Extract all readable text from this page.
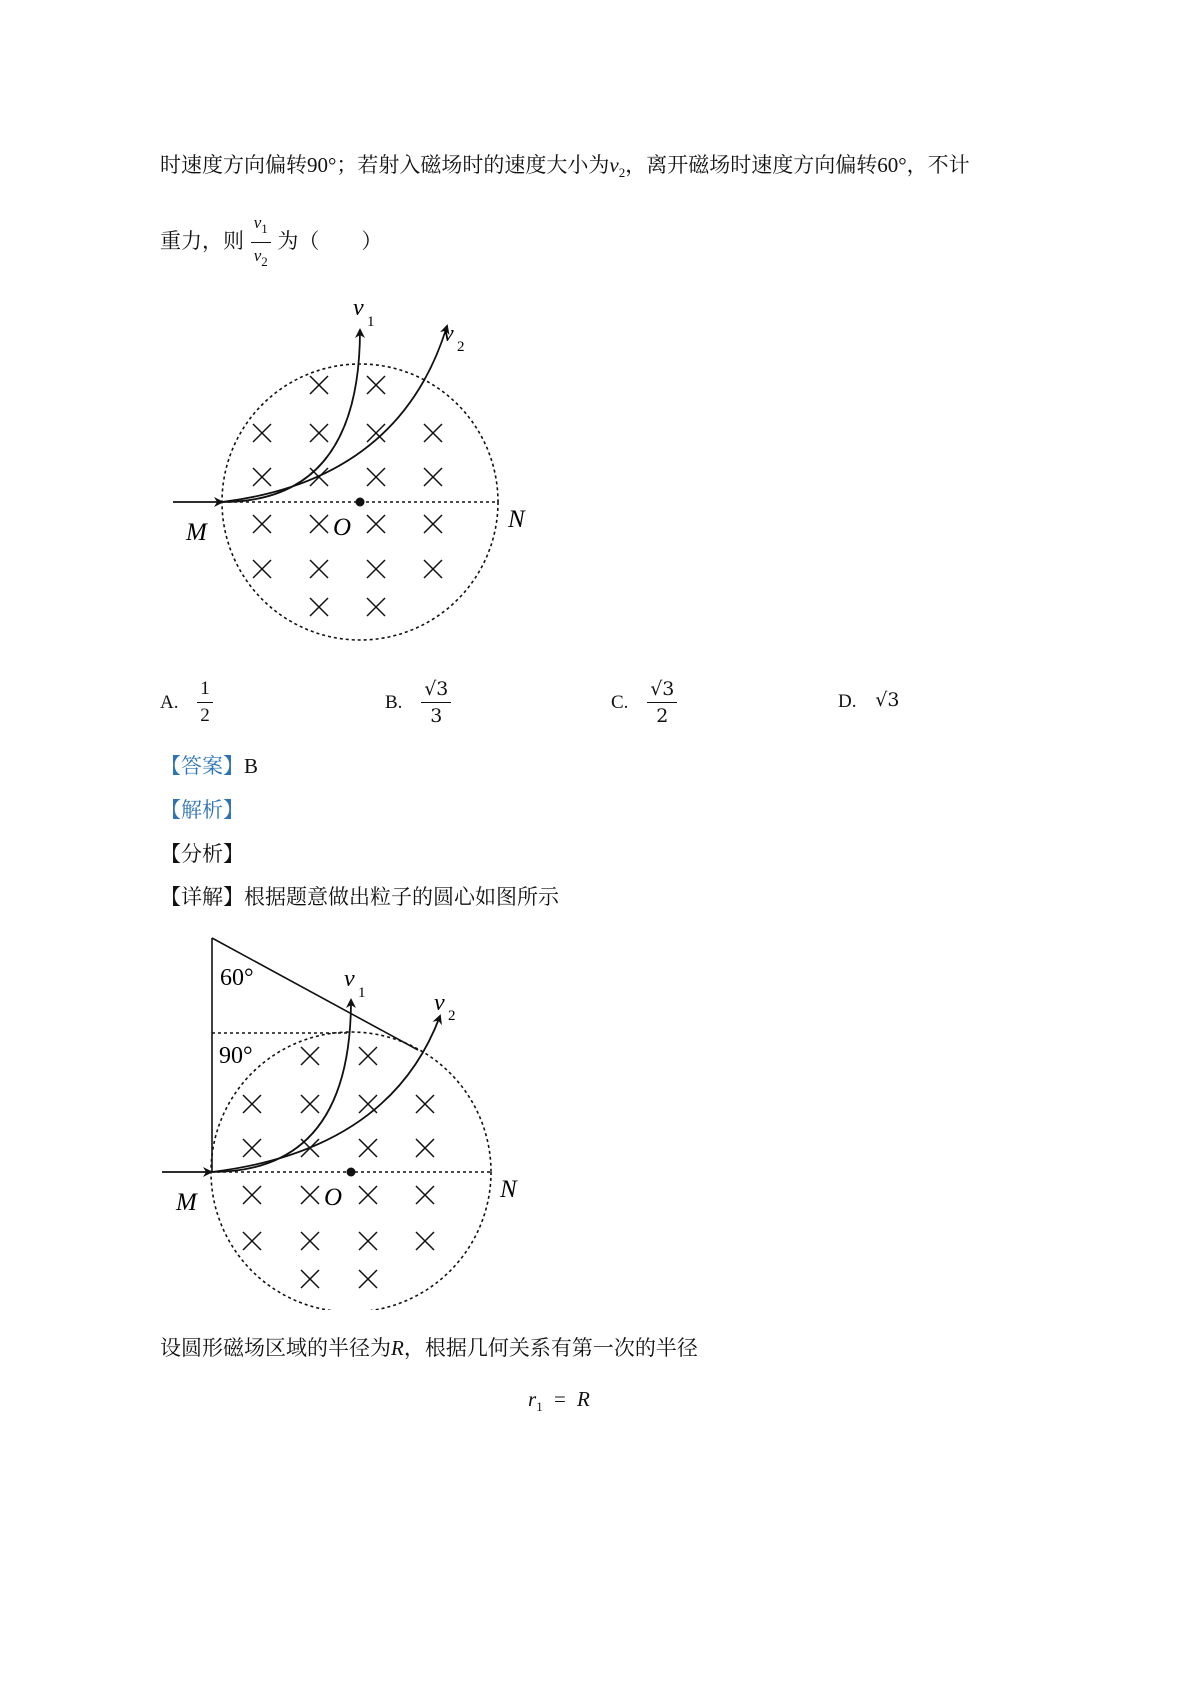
时速度方向偏转90°；若射入磁场时的速度大小为$v_2$，离开磁场时速度方向偏转60°，不计
重力，则 $\frac{v_1}{v_2}$ 为（　　）
v
1	v 2
M	N
O
A. $\frac{1}{2}$	B. $\frac{√3}{3}$	C. $\frac{√3}{2}$	D. √3
【答案】B
【解析】
【分析】
【详解】根据题意做出粒子的圆心如图所示
60°
90°
v
1	v 2
M	N
O
设圆形磁场区域的半径为R，根据几何关系有第一次的半径
$r_1 = R$
